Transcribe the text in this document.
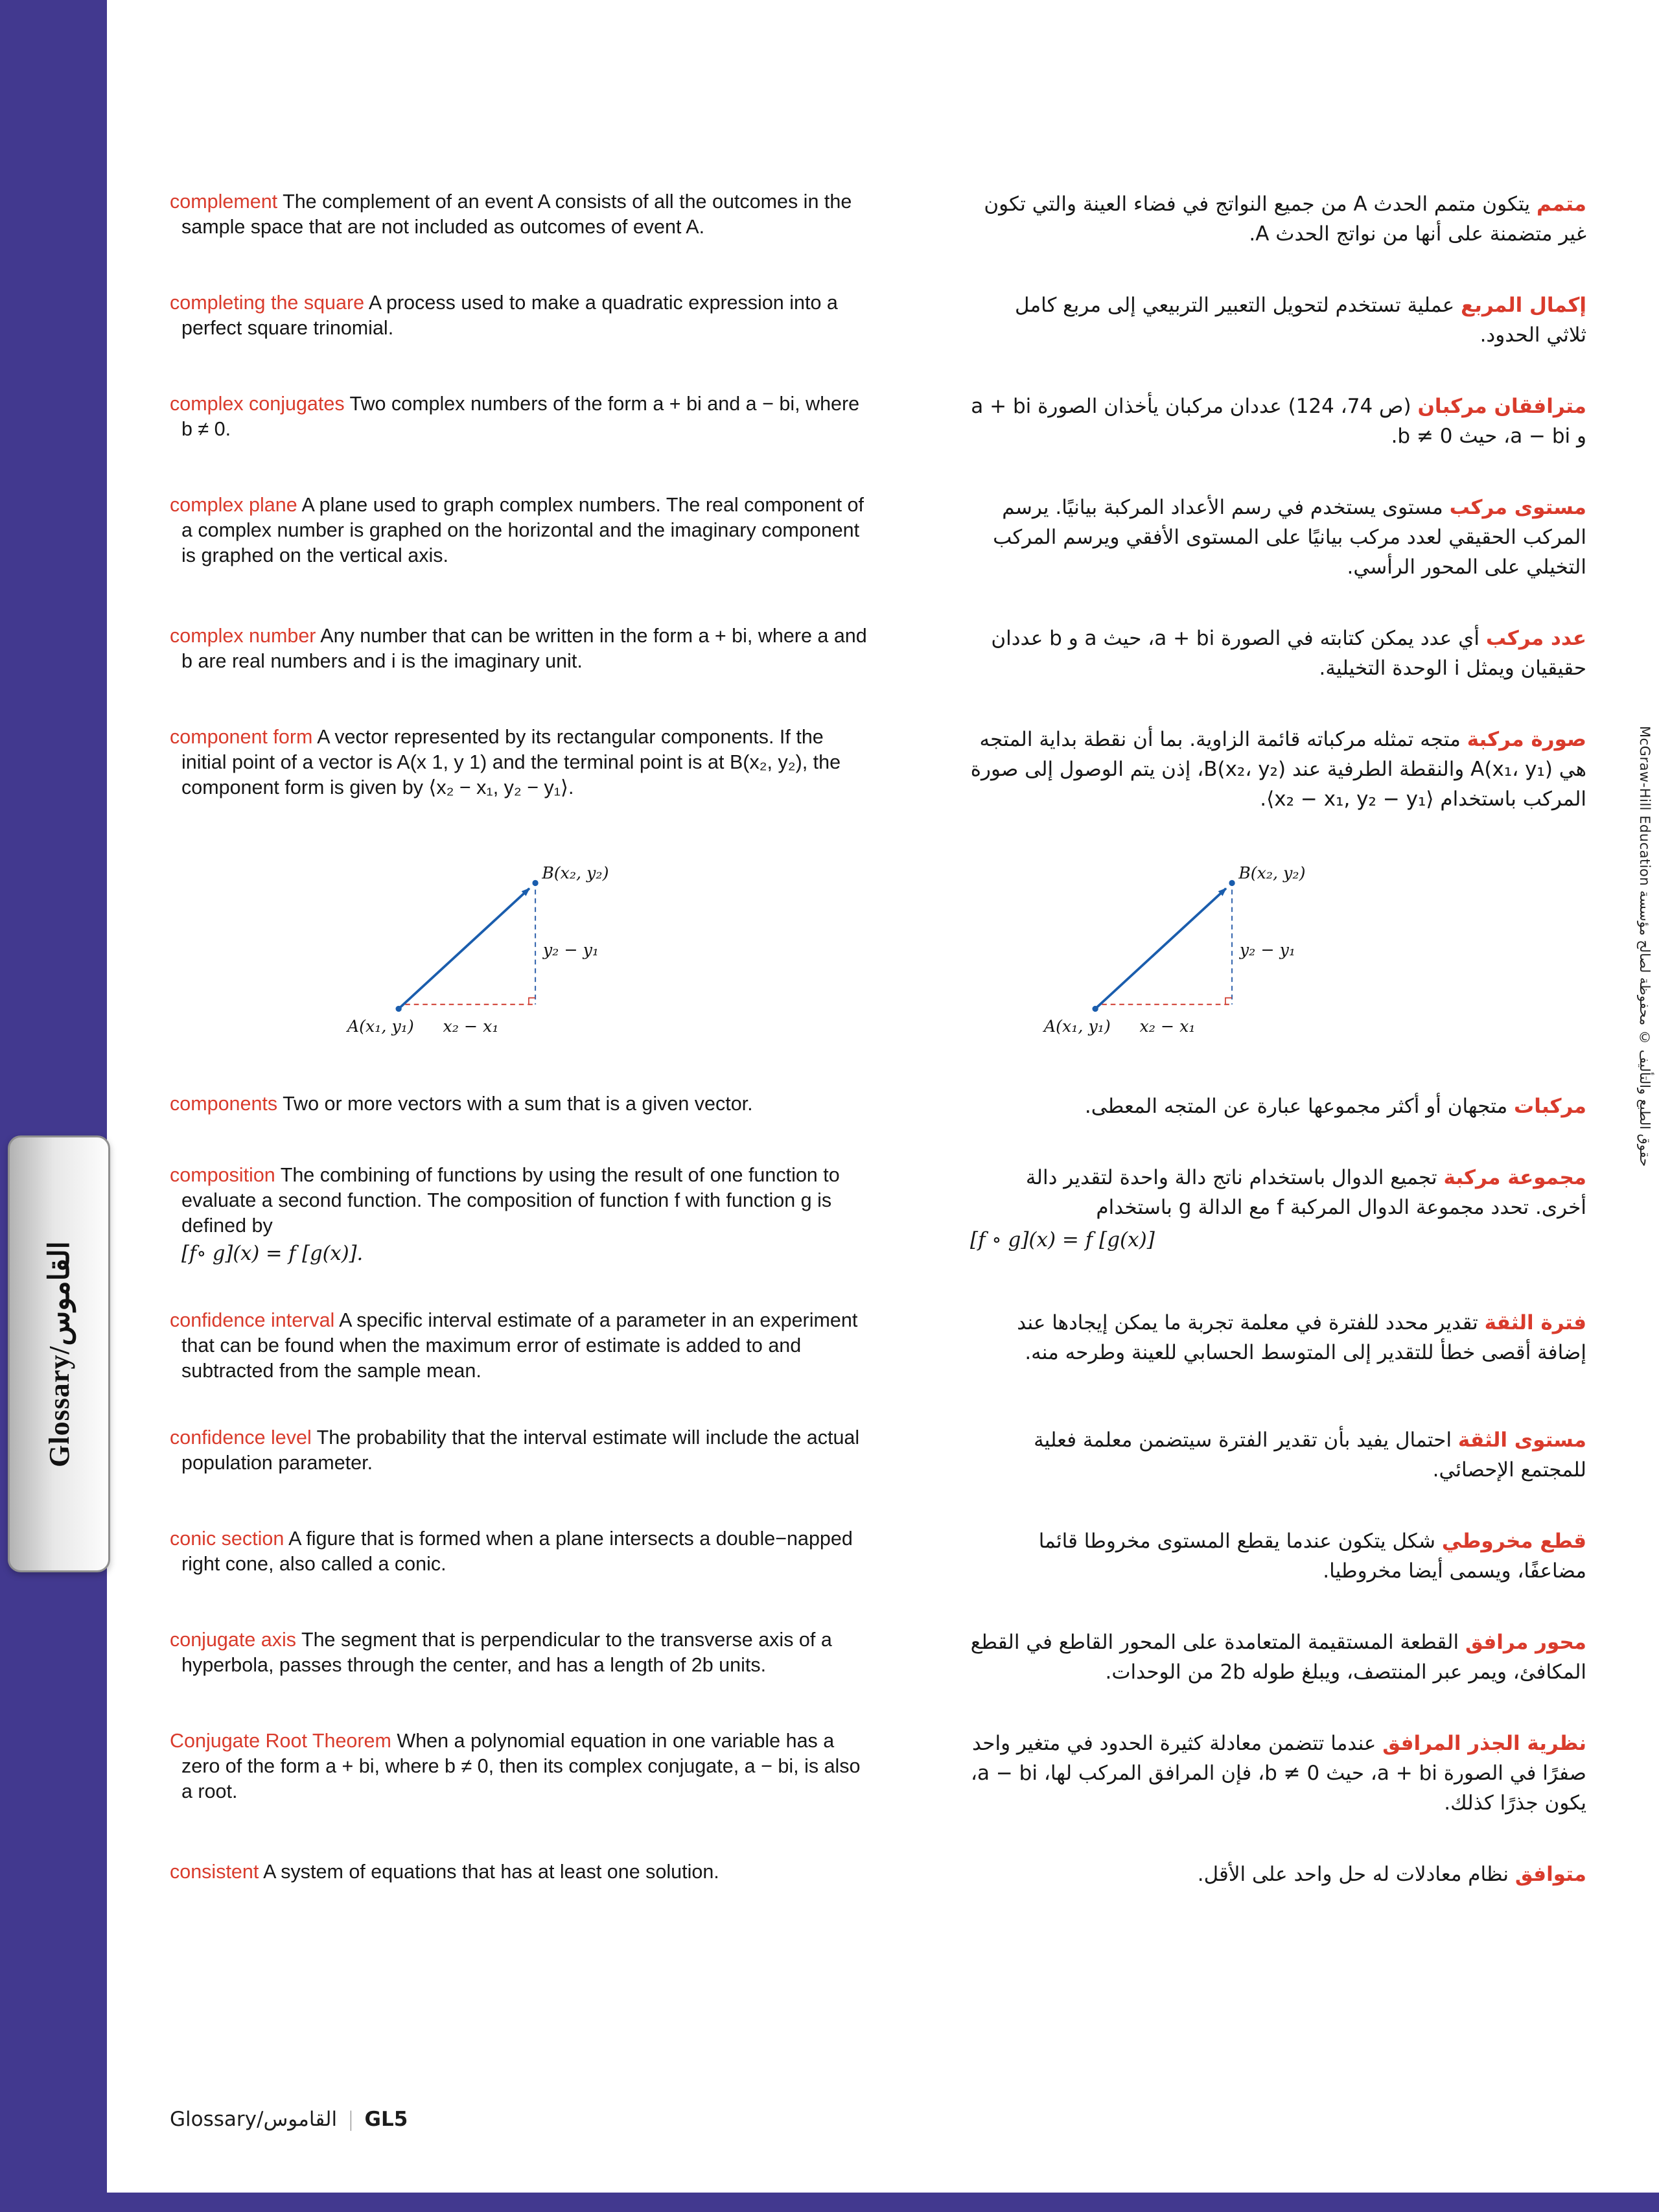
Glossary/القاموس
حقوق الطبع والتأليف © محفوظة لصالح مؤسسة McGraw-Hill Education

complement The complement of an event A consists of all the outcomes in the sample space that are not included as outcomes of event A.

متمم يتكون متمم الحدث A من جميع النواتج في فضاء العينة والتي تكون غير متضمنة على أنها من نواتج الحدث A.

completing the square A process used to make a quadratic expression into a perfect square trinomial.

إكمال المربع عملية تستخدم لتحويل التعبير التربيعي إلى مربع كامل ثلاثي الحدود.

complex conjugates Two complex numbers of the form a + bi and a − bi, where b ≠ 0.

مترافقان مركبان (ص 74، 124) عددان مركبان يأخذان الصورة a + bi و a − bi، حيث b ≠ 0.

complex plane A plane used to graph complex numbers. The real component of a complex number is graphed on the horizontal and the imaginary component is graphed on the vertical axis.

مستوى مركب مستوى يستخدم في رسم الأعداد المركبة بيانيًا. يرسم المركب الحقيقي لعدد مركب بيانيًا على المستوى الأفقي ويرسم المركب التخيلي على المحور الرأسي.

complex number Any number that can be written in the form a + bi, where a and b are real numbers and i is the imaginary unit.

عدد مركب أي عدد يمكن كتابته في الصورة a + bi، حيث a و b عددان حقيقيان ويمثل i الوحدة التخيلية.

component form A vector represented by its rectangular components. If the initial point of a vector is A(x 1, y 1) and the terminal point is at B(x₂, y₂), the component form is given by ⟨x₂ − x₁, y₂ − y₁⟩.

صورة مركبة متجه تمثله مركباته قائمة الزاوية. بما أن نقطة بداية المتجه هي A(x₁، y₁) والنقطة الطرفية عند B(x₂، y₂)، إذن يتم الوصول إلى صورة المركب باستخدام ⟨x₂ − x₁, y₂ − y₁⟩.

B(x₂, y₂)
y₂ − y₁
A(x₁, y₁) x₂ − x₁
B(x₂, y₂)
y₂ − y₁
A(x₁, y₁) x₂ − x₁

components Two or more vectors with a sum that is a given vector.	مركبات متجهان أو أكثر مجموعها عبارة عن المتجه المعطى.

composition The combining of functions by using the result of one function to evaluate a second function. The composition of function f with function g is defined by
[f∘ g](x) = f [g(x)].

مجموعة مركبة تجميع الدوال باستخدام ناتج دالة واحدة لتقدير دالة أخرى. تحدد مجموعة الدوال المركبة f مع الدالة g باستخدام
[f ∘ g](x) = f [g(x)]

confidence interval A specific interval estimate of a parameter in an experiment that can be found when the maximum error of estimate is added to and subtracted from the sample mean.

فترة الثقة تقدير محدد للفترة في معلمة تجربة ما يمكن إيجادها عند إضافة أقصى خطأ للتقدير إلى المتوسط الحسابي للعينة وطرحه منه.

confidence level The probability that the interval estimate will include the actual population parameter.

مستوى الثقة احتمال يفيد بأن تقدير الفترة سيتضمن معلمة فعلية للمجتمع الإحصائي.

conic section A figure that is formed when a plane intersects a double−napped right cone, also called a conic.

قطع مخروطي شكل يتكون عندما يقطع المستوى مخروطا قائما مضاعفًا، ويسمى أيضا مخروطيا.

conjugate axis The segment that is perpendicular to the transverse axis of a hyperbola, passes through the center, and has a length of 2b units.

محور مرافق القطعة المستقيمة المتعامدة على المحور القاطع في القطع المكافئ، ويمر عبر المنتصف، ويبلغ طوله 2b من الوحدات.

Conjugate Root Theorem When a polynomial equation in one variable has a zero of the form a + bi, where b ≠ 0, then its complex conjugate, a − bi, is also a root.

نظرية الجذر المرافق عندما تتضمن معادلة كثيرة الحدود في متغير واحد صفرًا في الصورة a + bi، حيث b ≠ 0، فإن المرافق المركب لها، a − bi، يكون جذرًا كذلك.

consistent A system of equations that has at least one solution.	متوافق نظام معادلات له حل واحد على الأقل.

Glossary/القاموس | GL5
